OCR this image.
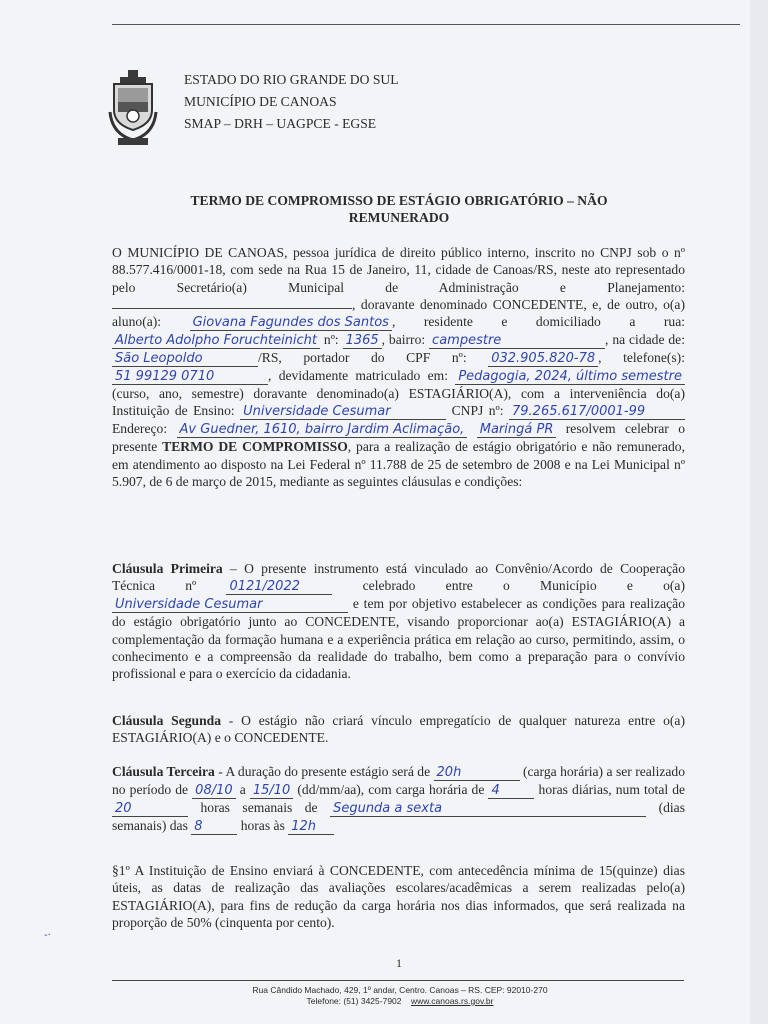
ESTADO DO RIO GRANDE DO SUL
MUNICÍPIO DE CANOAS
SMAP – DRH – UAGPCE - EGSE
TERMO DE COMPROMISSO DE ESTÁGIO OBRIGATÓRIO – NÃO
REMUNERADO
O MUNICÍPIO DE CANOAS, pessoa jurídica de direito público interno, inscrito no CNPJ sob o nº 88.577.416/0001-18, com sede na Rua 15 de Janeiro, 11, cidade de Canoas/RS, neste ato representado pelo Secretário(a) Municipal de Administração e Planejamento: , doravante denominado CONCEDENTE, e, de outro, o(a) aluno(a): Giovana Fagundes dos Santos , residente e domiciliado a rua: Alberto Adolpho Foruchteinicht nº: 1365 , bairro: campestre	, na cidade de: São Leopoldo	/RS, portador do CPF nº: 032.905.820-78 , telefone(s): 51 99129 0710	, devidamente matriculado em: Pedagogia, 2024, último semestre (curso, ano, semestre) doravante denominado(a) ESTAGIÁRIO(A), com a interveniência do(a) Instituição de Ensino: Universidade Cesumar	CNPJ nº: 79.265.617/0001-99 Endereço: Av Guedner, 1610, bairro Jardim Aclimação, Maringá PR resolvem celebrar o presente TERMO DE COMPROMISSO, para a realização de estágio obrigatório e não remunerado, em atendimento ao disposto na Lei Federal nº 11.788 de 25 de setembro de 2008 e na Lei Municipal nº 5.907, de 6 de março de 2015, mediante as seguintes cláusulas e condições:
Cláusula Primeira – O presente instrumento está vinculado ao Convênio/Acordo de Cooperação Técnica nº	0121/2022	celebrado entre o Município e o(a) Universidade Cesumar	e tem por objetivo estabelecer as condições para realização do estágio obrigatório junto ao CONCEDENTE, visando proporcionar ao(a) ESTAGIÁRIO(A) a complementação da formação humana e a experiência prática em relação ao curso, permitindo, assim, o conhecimento e a compreensão da realidade do trabalho, bem como a preparação para o convívio profissional e para o exercício da cidadania.
Cláusula Segunda - O estágio não criará vínculo empregatício de qualquer natureza entre o(a) ESTAGIÁRIO(A) e o CONCEDENTE.
Cláusula Terceira - A duração do presente estágio será de 20h	(carga horária) a ser realizado no período de 08/10 a 15/10 (dd/mm/aa), com carga horária de 4	horas diárias, num total de 20	horas semanais de Segunda a sexta	(dias semanais) das 8	horas às 12h
§1º A Instituição de Ensino enviará à CONCEDENTE, com antecedência mínima de 15(quinze) dias úteis, as datas de realização das avaliações escolares/acadêmicas a serem realizadas pelo(a) ESTAGIÁRIO(A), para fins de redução da carga horária nos dias informados, que será realizada na proporção de 50% (cinquenta por cento).
-·
1
Rua Cândido Machado, 429, 1º andar, Centro. Canoas – RS. CEP: 92010-270
Telefone: (51) 3425-7902 www.canoas.rs.gov.br
